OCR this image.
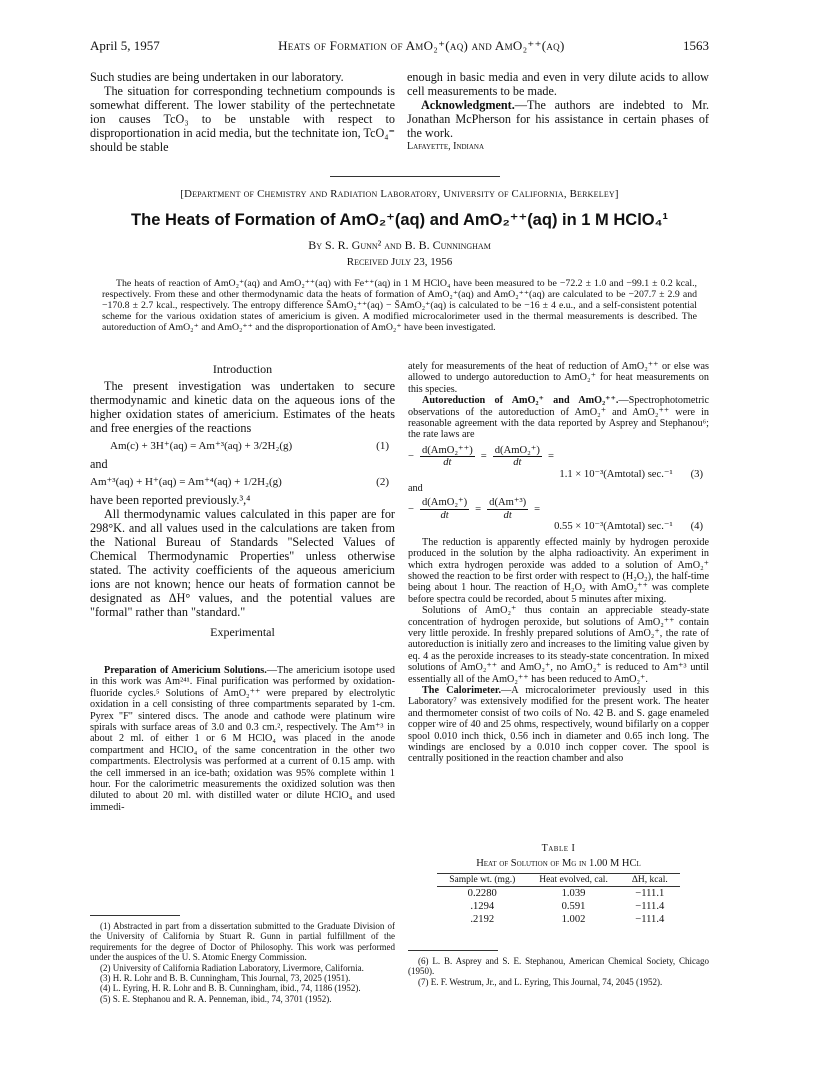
April 5, 1957	Heats of Formation of AmO₂⁺(aq) and AmO₂⁺⁺(aq)	1563

Such studies are being undertaken in our laboratory.

The situation for corresponding technetium compounds is somewhat different. The lower stability of the pertechnetate ion causes TcO₃ to be unstable with respect to disproportionation in acid media, but the technitate ion, TcO₄⁼ should be stable

enough in basic media and even in very dilute acids to allow cell measurements to be made.

Acknowledgment.—The authors are indebted to Mr. Jonathan McPherson for his assistance in certain phases of the work.

Lafayette, Indiana

[Department of Chemistry and Radiation Laboratory, University of California, Berkeley]
The Heats of Formation of AmO₂⁺(aq) and AmO₂⁺⁺(aq) in 1 M HClO₄¹
By S. R. Gunn² and B. B. Cunningham
Received July 23, 1956
The heats of reaction of AmO₂⁺(aq) and AmO₂⁺⁺(aq) with Fe⁺⁺(aq) in 1 M HClO₄ have been measured to be −72.2 ± 1.0 and −99.1 ± 0.2 kcal., respectively. From these and other thermodynamic data the heats of formation of AmO₂⁺(aq) and AmO₂⁺⁺(aq) are calculated to be −207.7 ± 2.9 and −170.8 ± 2.7 kcal., respectively. The entropy difference S̄AmO₂⁺⁺(aq) − S̄AmO₂⁺(aq) is calculated to be −16 ± 4 e.u., and a self-consistent potential scheme for the various oxidation states of americium is given. A modified microcalorimeter used in the thermal measurements is described. The autoreduction of AmO₂⁺ and AmO₂⁺⁺ and the disproportionation of AmO₂⁺ have been investigated.
Introduction

The present investigation was undertaken to secure thermodynamic and kinetic data on the aqueous ions of the higher oxidation states of americium. Estimates of the heats and free energies of the reactions

Am(c) + 3H⁺(aq) = Am⁺³(aq) + 3/2H₂(g)	(1)

and

Am⁺³(aq) + H⁺(aq) = Am⁺⁴(aq) + 1/2H₂(g)	(2)

have been reported previously.³,⁴

All thermodynamic values calculated in this paper are for 298°K. and all values used in the calculations are taken from the National Bureau of Standards "Selected Values of Chemical Thermodynamic Properties" unless otherwise stated. The activity coefficients of the aqueous americium ions are not known; hence our heats of formation cannot be designated as ΔH° values, and the potential values are "formal" rather than "standard."

Experimental

Preparation of Americium Solutions.—The americium isotope used in this work was Am²⁴¹. Final purification was performed by oxidation-fluoride cycles.⁵ Solutions of AmO₂⁺⁺ were prepared by electrolytic oxidation in a cell consisting of three compartments separated by 1-cm. Pyrex "F" sintered discs. The anode and cathode were platinum wire spirals with surface areas of 3.0 and 0.3 cm.², respectively. The Am⁺³ in about 2 ml. of either 1 or 6 M HClO₄ was placed in the anode compartment and HClO₄ of the same concentration in the other two compartments. Electrolysis was performed at a current of 0.15 amp. with the cell immersed in an ice-bath; oxidation was 95% complete within 1 hour. For the calorimetric measurements the oxidized solution was then diluted to about 20 ml. with distilled water or dilute HClO₄ and used immedi-

(1) Abstracted in part from a dissertation submitted to the Graduate Division of the University of California by Stuart R. Gunn in partial fulfillment of the requirements for the degree of Doctor of Philosophy. This work was performed under the auspices of the U. S. Atomic Energy Commission.

(2) University of California Radiation Laboratory, Livermore, California.

(3) H. R. Lohr and B. B. Cunningham, This Journal, 73, 2025 (1951).

(4) L. Eyring, H. R. Lohr and B. B. Cunningham, ibid., 74, 1186 (1952).

(5) S. E. Stephanou and R. A. Penneman, ibid., 74, 3701 (1952).

ately for measurements of the heat of reduction of AmO₂⁺⁺ or else was allowed to undergo autoreduction to AmO₂⁺ for heat measurements on this species.

Autoreduction of AmO₂⁺ and AmO₂⁺⁺.—Spectrophotometric observations of the autoreduction of AmO₂⁺ and AmO₂⁺⁺ were in reasonable agreement with the data reported by Asprey and Stephanou⁶; the rate laws are

− $\frac{\text{d(AmO₂⁺⁺)}}{dt} = \frac{\text{d(AmO₂⁺)}}{dt}$ =
1.1 × 10⁻³(Amtotal) sec.⁻¹ (3)

and

− $\frac{\text{d(AmO₂⁺)}}{dt} = \frac{\text{d(Am⁺³)}}{dt}$ =
0.55 × 10⁻³(Amtotal) sec.⁻¹ (4)

The reduction is apparently effected mainly by hydrogen peroxide produced in the solution by the alpha radioactivity. An experiment in which extra hydrogen peroxide was added to a solution of AmO₂⁺ showed the reaction to be first order with respect to (H₂O₂), the half-time being about 1 hour. The reaction of H₂O₂ with AmO₂⁺⁺ was complete before spectra could be recorded, about 5 minutes after mixing.

Solutions of AmO₂⁺ thus contain an appreciable steady-state concentration of hydrogen peroxide, but solutions of AmO₂⁺⁺ contain very little peroxide. In freshly prepared solutions of AmO₂⁺, the rate of autoreduction is initially zero and increases to the limiting value given by eq. 4 as the peroxide increases to its steady-state concentration. In mixed solutions of AmO₂⁺⁺ and AmO₂⁺, no AmO₂⁺ is reduced to Am⁺³ until essentially all of the AmO₂⁺⁺ has been reduced to AmO₂⁺.

The Calorimeter.—A microcalorimeter previously used in this Laboratory⁷ was extensively modified for the present work. The heater and thermometer consist of two coils of No. 42 B. and S. gage enameled copper wire of 40 and 25 ohms, respectively, wound bifilarly on a copper spool 0.010 inch thick, 0.56 inch in diameter and 0.65 inch long. The windings are enclosed by a 0.010 inch copper cover. The spool is centrally positioned in the reaction chamber and also

Table I
Heat of Solution of Mg in 1.00 M HCl
Sample wt. (mg.)	Heat evolved, cal.	ΔH, kcal.
0.2280	1.039	−111.1
.1294	0.591	−111.4
.2192	1.002	−111.4

(6) L. B. Asprey and S. E. Stephanou, American Chemical Society, Chicago (1950).

(7) E. F. Westrum, Jr., and L. Eyring, This Journal, 74, 2045 (1952).
